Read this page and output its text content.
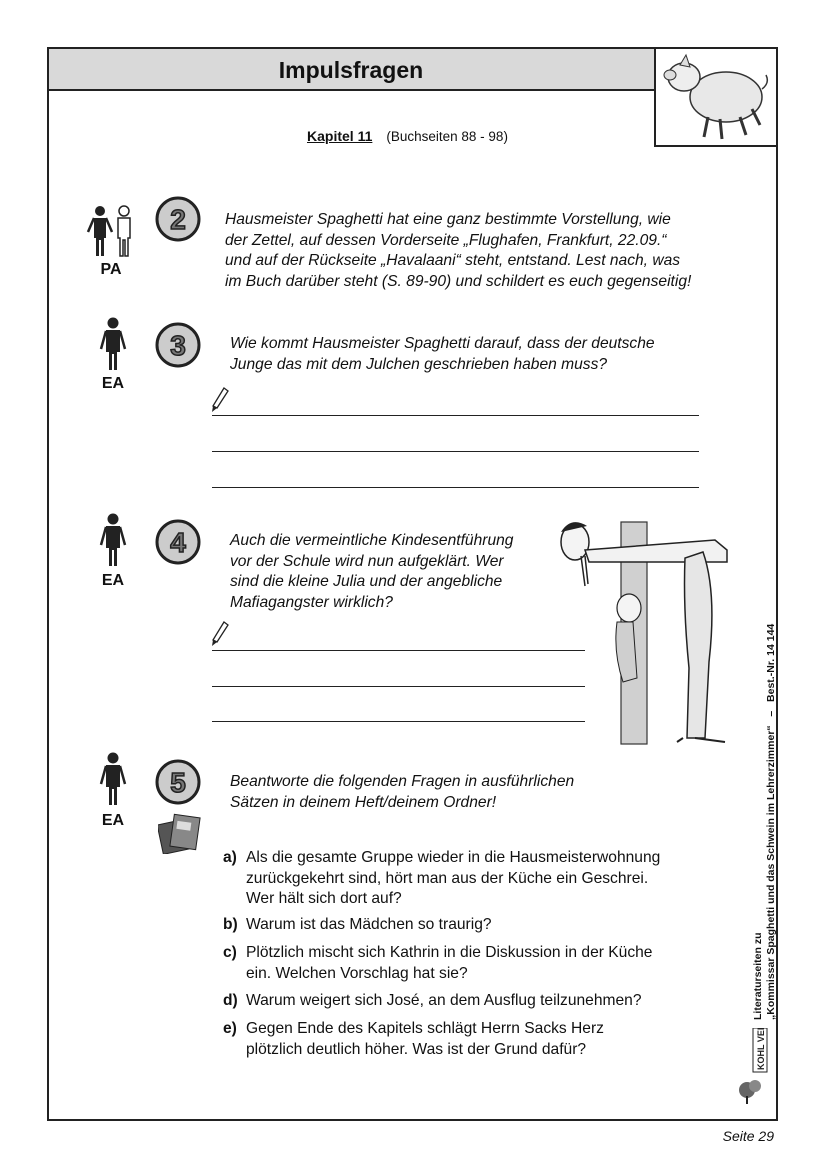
Impulsfragen
Kapitel 11 (Buchseiten 88 - 98)
PA
2	Hausmeister Spaghetti hat eine ganz bestimmte Vorstellung, wie
der Zettel, auf dessen Vorderseite „Flughafen, Frankfurt, 22.09.“
und auf der Rückseite „Havalaani“ steht, entstand. Lest nach, was
im Buch darüber steht (S. 89-90) und schildert es euch gegenseitig!
EA
3	Wie kommt Hausmeister Spaghetti darauf, dass der deutsche
Junge das mit dem Julchen geschrieben haben muss?
EA
4	Auch die vermeintliche Kindesentführung
vor der Schule wird nun aufgeklärt. Wer
sind die kleine Julia und der angebliche
Mafiagangster wirklich?
EA
5	Beantworte die folgenden Fragen in ausführlichen
Sätzen in deinem Heft/deinem Ordner!
a) Als die gesamte Gruppe wieder in die Hausmeisterwohnung
zurückgekehrt sind, hört man aus der Küche ein Geschrei.
Wer hält sich dort auf?
b) Warum ist das Mädchen so traurig?
c) Plötzlich mischt sich Kathrin in die Diskussion in der Küche
ein. Welchen Vorschlag hat sie?
d) Warum weigert sich José, an dem Ausflug teilzunehmen?
e) Gegen Ende des Kapitels schlägt Herrn Sacks Herz
plötzlich deutlich höher. Was ist der Grund dafür?
Literaturseiten zu „Kommissar Spaghetti und das Schwein im Lehrerzimmer“   –   Best.-Nr. 14 144
KOHL VERLAG
Seite 29
